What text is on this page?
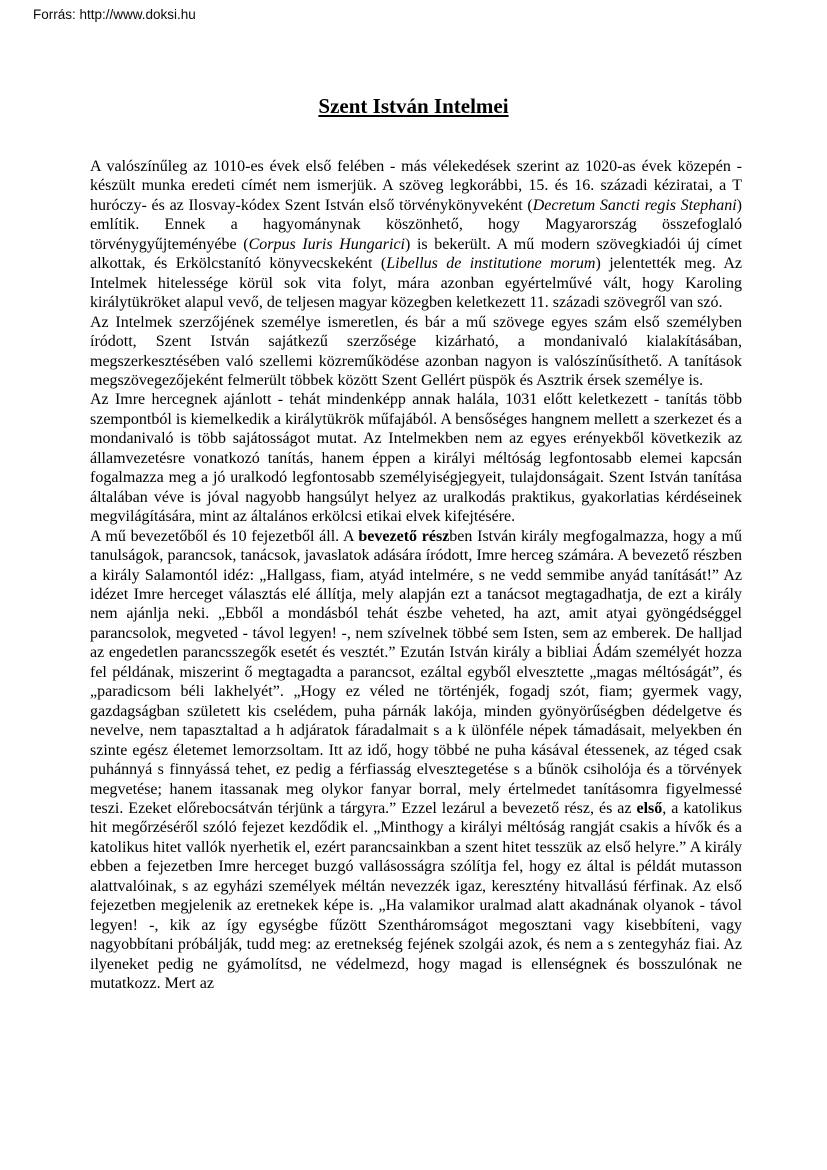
Forrás: http://www.doksi.hu
Szent István Intelmei

A valószínűleg az 1010-es évek első felében - más vélekedések szerint az 1020-as évek közepén - készült munka eredeti címét nem ismerjük. A szöveg legkorábbi, 15. és 16. századi kéziratai, a T huróczy- és az Ilosvay-kódex Szent István első törvénykönyveként (Decretum Sancti regis Stephani) említik. Ennek a hagyománynak köszönhető, hogy Magyarország összefoglaló törvénygyűjteményébe (Corpus Iuris Hungarici) is bekerült. A mű modern szövegkiadói új címet alkottak, és Erkölcstanító könyvecskeként (Libellus de institutione morum) jelentették meg. Az Intelmek hitelessége körül sok vita folyt, mára azonban egyértelművé vált, hogy Karoling királytükröket alapul vevő, de teljesen magyar közegben keletkezett 11. századi szövegről van szó.

Az Intelmek szerzőjének személye ismeretlen, és bár a mű szövege egyes szám első személyben íródott, Szent István sajátkezű szerzősége kizárható, a mondanivaló kialakításában, megszerkesztésében való szellemi közreműködése azonban nagyon is valószínűsíthető. A tanítások megszövegezőjeként felmerült többek között Szent Gellért püspök és Asztrik érsek személye is.

Az Imre hercegnek ajánlott - tehát mindenképp annak halála, 1031 előtt keletkezett - tanítás több szempontból is kiemelkedik a királytükrök műfajából. A bensőséges hangnem mellett a szerkezet és a mondanivaló is több sajátosságot mutat. Az Intelmekben nem az egyes erényekből következik az államvezetésre vonatkozó tanítás, hanem éppen a királyi méltóság legfontosabb elemei kapcsán fogalmazza meg a jó uralkodó legfontosabb személyiségjegyeit, tulajdonságait. Szent István tanítása általában véve is jóval nagyobb hangsúlyt helyez az uralkodás praktikus, gyakorlatias kérdéseinek megvilágítására, mint az általános erkölcsi etikai elvek kifejtésére.

A mű bevezetőből és 10 fejezetből áll. A bevezető részben István király megfogalmazza, hogy a mű tanulságok, parancsok, tanácsok, javaslatok adására íródott, Imre herceg számára. A bevezető részben a király Salamontól idéz: „Hallgass, fiam, atyád intelmére, s ne vedd semmibe anyád tanítását!” Az idézet Imre herceget választás elé állítja, mely alapján ezt a tanácsot megtagadhatja, de ezt a király nem ajánlja neki. „Ebből a mondásból tehát észbe veheted, ha azt, amit atyai gyöngédséggel parancsolok, megveted - távol legyen! -, nem szívelnek többé sem Isten, sem az emberek. De halljad az engedetlen parancsszegők esetét és vesztét.” Ezután István király a bibliai Ádám személyét hozza fel példának, miszerint ő megtagadta a parancsot, ezáltal egyből elvesztette „magas méltóságát”, és „paradicsom béli lakhelyét”. „Hogy ez véled ne történjék, fogadj szót, fiam; gyermek vagy, gazdagságban született kis cselédem, puha párnák lakója, minden gyönyörűségben dédelgetve és nevelve, nem tapasztaltad a h adjáratok fáradalmait s a k ülönféle népek támadásait, melyekben én szinte egész életemet lemorzsoltam. Itt az idő, hogy többé ne puha kásával étessenek, az téged csak puhánnyá s finnyássá tehet, ez pedig a férfiasság elvesztegetése s a bűnök csiholója és a törvények megvetése; hanem itassanak meg olykor fanyar borral, mely értelmedet tanításomra figyelmessé teszi. Ezeket előrebocsátván térjünk a tárgyra.” Ezzel lezárul a bevezető rész, és az első, a katolikus hit megőrzéséről szóló fejezet kezdődik el. „Minthogy a királyi méltóság rangját csakis a hívők és a katolikus hitet vallók nyerhetik el, ezért parancsainkban a szent hitet tesszük az első helyre.” A király ebben a fejezetben Imre herceget buzgó vallásosságra szólítja fel, hogy ez által is példát mutasson alattvalóinak, s az egyházi személyek méltán nevezzék igaz, keresztény hitvallású férfinak. Az első fejezetben megjelenik az eretnekek képe is. „Ha valamikor uralmad alatt akadnának olyanok - távol legyen! -, kik az így egységbe fűzött Szentháromságot megosztani vagy kisebbíteni, vagy nagyobbítani próbálják, tudd meg: az eretnekség fejének szolgái azok, és nem a s zentegyház fiai. Az ilyeneket pedig ne gyámolítsd, ne védelmezd, hogy magad is ellenségnek és bosszulónak ne mutatkozz. Mert az
